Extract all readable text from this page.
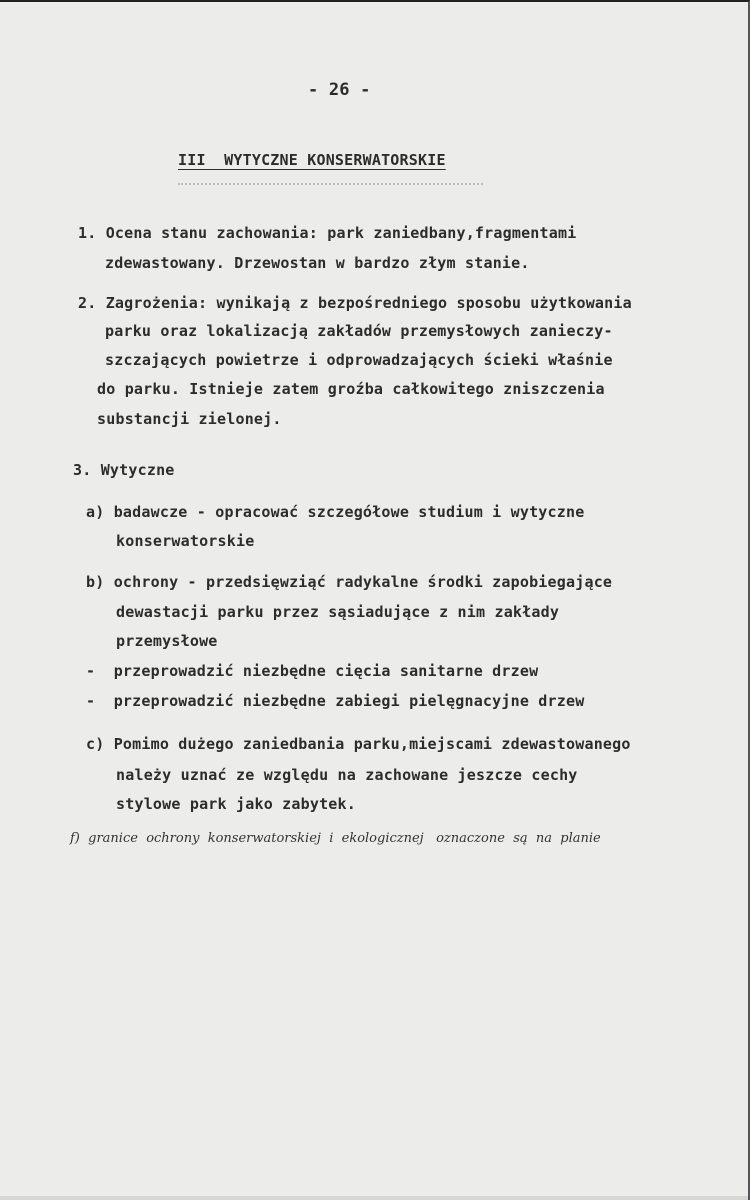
- 26 -
III  WYTYCZNE KONSERWATORSKIE
1. Ocena stanu zachowania: park zaniedbany,fragmentami
zdewastowany. Drzewostan w bardzo złym stanie.
2. Zagrożenia: wynikają z bezpośredniego sposobu użytkowania
parku oraz lokalizacją zakładów przemysłowych zanieczy-
szczających powietrze i odprowadzających ścieki właśnie
do parku. Istnieje zatem groźba całkowitego zniszczenia
substancji zielonej.
3. Wytyczne
a) badawcze - opracować szczegółowe studium i wytyczne
konserwatorskie
b) ochrony - przedsięwziąć radykalne środki zapobiegające
dewastacji parku przez sąsiadujące z nim zakłady
przemysłowe
-  przeprowadzić niezbędne cięcia sanitarne drzew
-  przeprowadzić niezbędne zabiegi pielęgnacyjne drzew
c) Pomimo dużego zaniedbania parku,miejscami zdewastowanego
należy uznać ze względu na zachowane jeszcze cechy
stylowe park jako zabytek.
f)  granice  ochrony  konserwatorskiej  i  ekologicznej   oznaczone  są  na  planie
